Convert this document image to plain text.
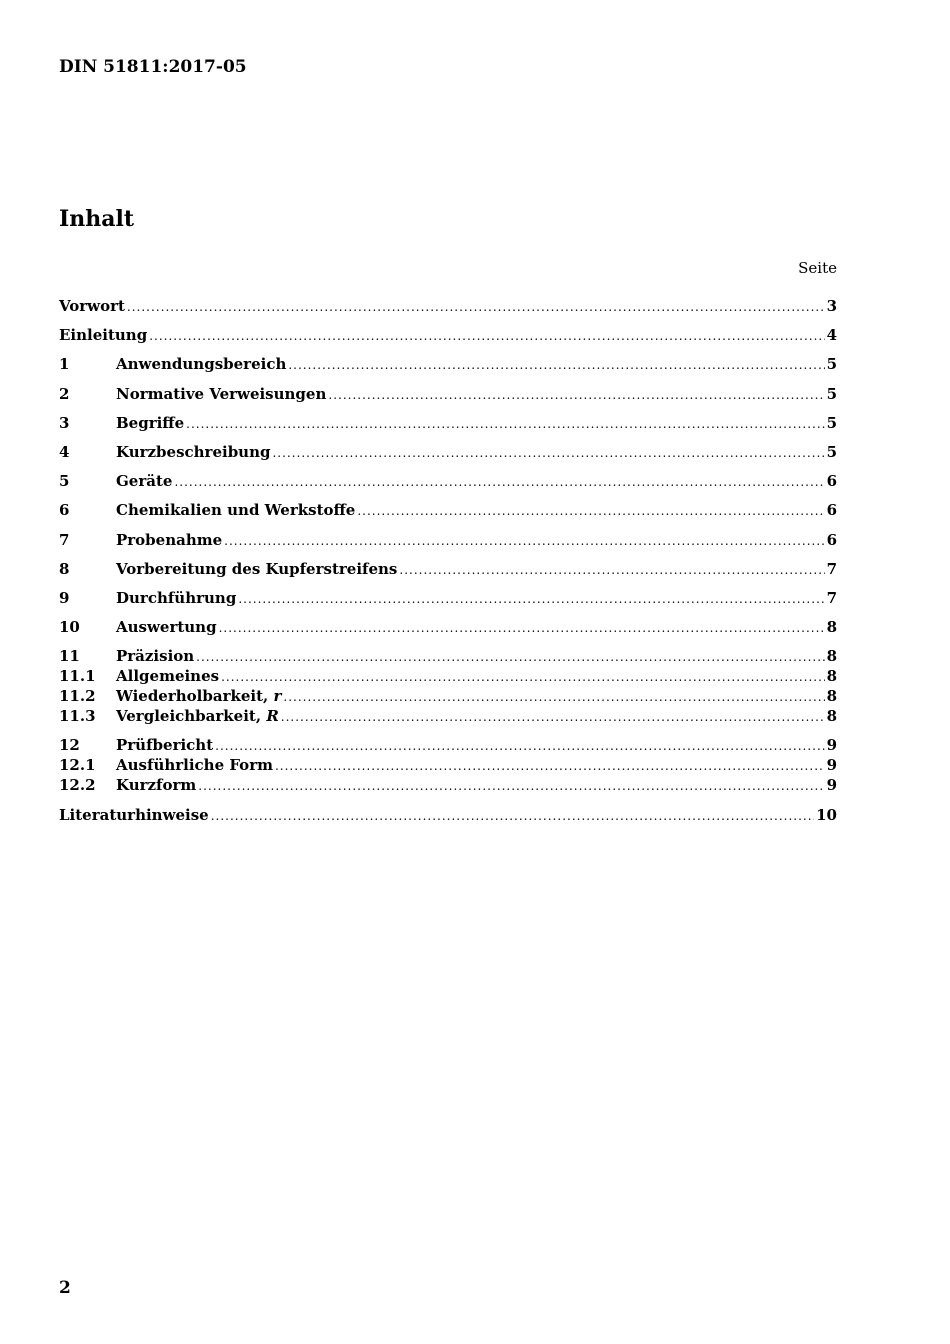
DIN 51811:2017-05
Inhalt
Seite
Vorwort .....	3
Einleitung .....	4
1	Anwendungsbereich .....	5
2	Normative Verweisungen .....	5
3	Begriffe .....	5
4	Kurzbeschreibung .....	5
5	Geräte .....	6
6	Chemikalien und Werkstoffe .....	6
7	Probenahme .....	6
8	Vorbereitung des Kupferstreifens .....	7
9	Durchführung .....	7
10	Auswertung .....	8
11	Präzision .....	8
11.1	Allgemeines .....	8
11.2	Wiederholbarkeit, r .....	8
11.3	Vergleichbarkeit, R .....	8
12	Prüfbericht .....	9
12.1	Ausführliche Form .....	9
12.2	Kurzform .....	9
Literaturhinweise .....	10
2
